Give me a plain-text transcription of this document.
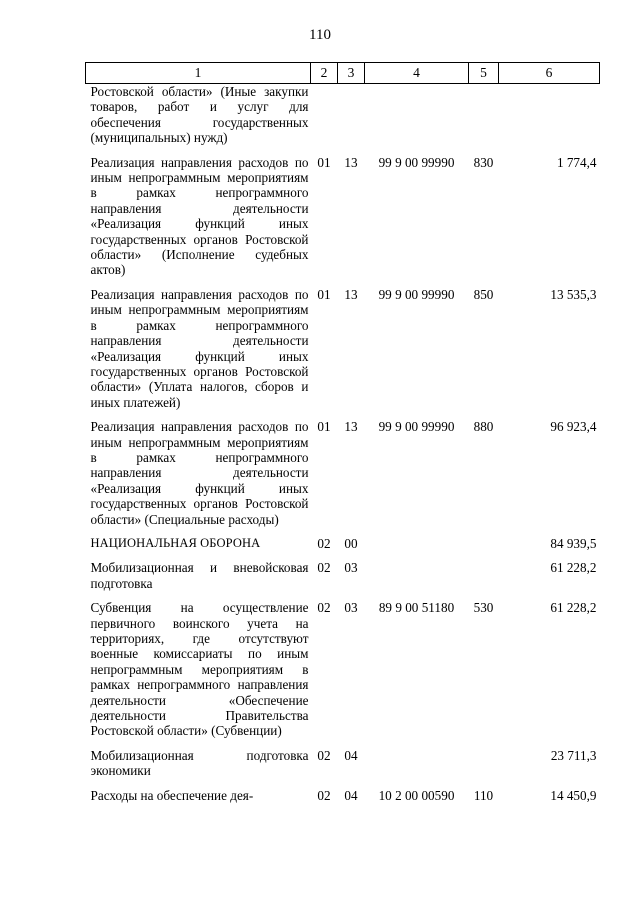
110
1	2	3	4	5	6
Ростовской области» (Иные закупки товаров, работ и услуг для обеспечения государственных (муниципальных) нужд)					
Реализация направления расходов по иным непрограммным мероприятиям в рамках непрограммного направления деятельности «Реализация функций иных государственных органов Ростовской области» (Исполнение судебных актов)	01	13	99 9 00 99990	830	1 774,4
Реализация направления расходов по иным непрограммным мероприятиям в рамках непрограммного направления деятельности «Реализация функций иных государственных органов Ростовской области» (Уплата налогов, сборов и иных платежей)	01	13	99 9 00 99990	850	13 535,3
Реализация направления расходов по иным непрограммным мероприятиям в рамках непрограммного направления деятельности «Реализация функций иных государственных органов Ростовской области» (Специальные расходы)	01	13	99 9 00 99990	880	96 923,4
НАЦИОНАЛЬНАЯ ОБОРОНА	02	00			84 939,5
Мобилизационная и вневойсковая подготовка	02	03			61 228,2
Субвенция на осуществление первичного воинского учета на территориях, где отсутствуют военные комиссариаты по иным непрограммным мероприятиям в рамках непрограммного направления деятельности «Обеспечение деятельности Правительства Ростовской области» (Субвенции)	02	03	89 9 00 51180	530	61 228,2
Мобилизационная подготовка экономики	02	04			23 711,3
Расходы на обеспечение дея-	02	04	10 2 00 00590	110	14 450,9
